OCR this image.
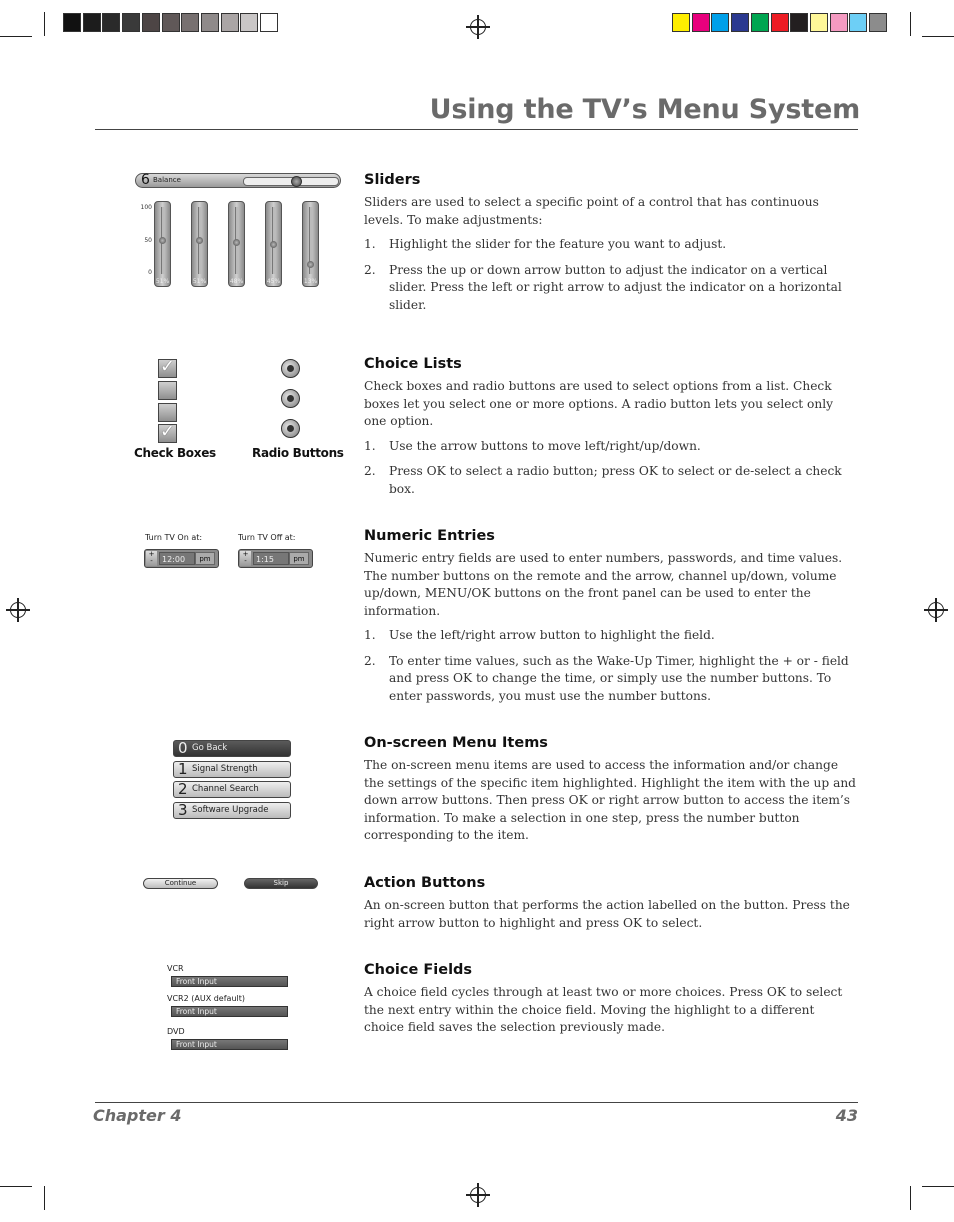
Using the TV’s Menu System
6 Balance
100
50
0
51%	51%	48%	45%	13%
✓
✓
Check Boxes	Radio Buttons
Turn TV On at:	Turn TV Off at:
+
-	12:00	pm
+
-	1:15	pm
0 Go Back
1 Signal Strength
2 Channel Search
3 Software Upgrade
Continue	Skip
VCR
Front Input
VCR2 (AUX default)
Front Input
DVD
Front Input
Sliders

Sliders are used to select a specific point of a control that has continuous levels. To make adjustments:

1.	Highlight the slider for the feature you want to adjust.
2.	Press the up or down arrow button to adjust the indicator on a vertical slider. Press the left or right arrow to adjust the indicator on a horizontal slider.
Choice Lists

Check boxes and radio buttons are used to select options from a list. Check boxes let you select one or more options. A radio button lets you select only one option.

1.	Use the arrow buttons to move left/right/up/down.
2.	Press OK to select a radio button; press OK to select or de-select a check box.
Numeric Entries

Numeric entry fields are used to enter numbers, passwords, and time values. The number buttons on the remote and the arrow, channel up/down, volume up/down, MENU/OK buttons on the front panel can be used to enter the information.

1.	Use the left/right arrow button to highlight the field.
2.	To enter time values, such as the Wake-Up Timer, highlight the + or - field and press OK to change the time, or simply use the number buttons. To enter passwords, you must use the number buttons.
On-screen Menu Items

The on-screen menu items are used to access the information and/or change the settings of the specific item highlighted. Highlight the item with the up and down arrow buttons. Then press OK or right arrow button to access the item’s information. To make a selection in one step, press the number button corresponding to the item.

Action Buttons

An on-screen button that performs the action labelled on the button. Press the right arrow button to highlight and press OK to select.

Choice Fields

A choice field cycles through at least two or more choices. Press OK to select the next entry within the choice field. Moving the highlight to a different choice field saves the selection previously made.

Chapter 4	43
